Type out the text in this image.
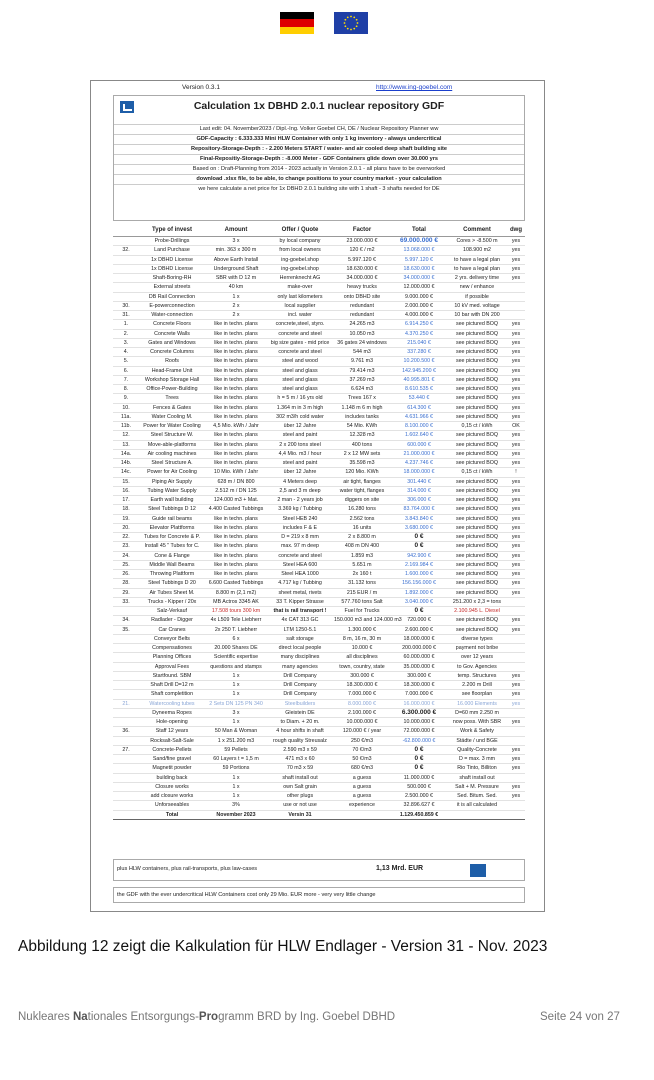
Version 0.3.1	http://www.ing-goebel.com
Calculation 1x DBHD 2.0.1 nuclear repository GDF
Last edit: 04. November2023 / Dipl.-Ing. Volker Goebel CH, DE / Nuclear Repository Planner ww
GDF-Capacity : 6.333.333 Mini HLW Container with only 1 kg inventory - always undercritical
Repository-Storage-Depth : - 2.200 Meters START / water- and air cooled deep shaft building site
Final-Repositiy-Storage-Depth : -8.000 Meter - GDF Containers glide down over 30.000 yrs
Based on : Draft-Planning from 2014 - 2023 actually in Version 2.0.1 - all plans have to be overworked
download .xlsx file, to be able, to change positions to your country market - your calculation
we here calculate a net price for 1x DBHD 2.0.1 building site with 1 shaft - 3 shafts needed for DE
	Type of invest	Amount	Offer / Quote	Factor	Total	Comment	dwg
	Probe-Drillings	3 x	by local company	23.000.000 €	69.000.000 €	Cores > -8.500 m	yes
32.	Land Purchase	min. 363 x 300 m	from local owners	120 € / m2	13.068.000 €	108.900 m2	yes
	1x DBHD License	Above Earth Install	ing-goebel.shop	5.997.120 €	5.997.120 €	to have a legal plan	yes
	1x DBHD License	Underground Shaft	ing-goebel.shop	18.630.000 €	18.630.000 €	to have a legal plan	yes
	Shaft-Boring-RH	SBR with D 12 m	Herrenknecht AG	34.000.000 €	34.000.000 €	2 yrs. delivery time	yes
	External streets	40 km	make-over	heavy trucks	12.000.000 €	new / enhance	
	DB Rail Connection	1 x	only last kilometers	onto DBHD site	9.000.000 €	if possible	
30.	E-powerconnection	2 x	local supplier	redundant	2.000.000 €	10 kV med. voltage	
31.	Water-connection	2 x	incl. water	redundant	4.000.000 €	10 bar with DN 200	
1.	Concrete Floors	like in techn. plans	concrete,steel, styro.	24.265 m3	6.914.250 €	see pictured BOQ	yes
2.	Concrete Walls	like in techn. plans	concrete and steel	10.050 m3	4.370.250 €	see pictured BOQ	yes
3.	Gates and Windows	like in techn. plans	big size gates - mid price	36 gates 24 windows	215.040 €	see pictured BOQ	yes
4.	Concrete Columns	like in techn. plans	concrete and steel	544 m3	337.280 €	see pictured BOQ	yes
5.	Roofs	like in techn. plans	steel and wood	9.761 m3	10.200.500 €	see pictured BOQ	yes
6.	Head-Frame Unit	like in techn. plans	steel and glass	79.414 m3	142.945.200 €	see pictured BOQ	yes
7.	Workshop Storage Hall	like in techn. plans	steel and glass	37.269 m3	40.995.801 €	see pictured BOQ	yes
8.	Office-Power-Building	like in techn. plans	steel and glass	6.624 m3	8.610.535 €	see pictured BOQ	yes
9.	Trees	like in techn. plans	h = 5 m / 16 yrs old	Trees 167 x	53.440 €	see pictured BOQ	yes
10.	Fences & Gates	like in techn. plans	1.364 m in 3 m high	1.148 m 6 m high	614.300 €	see pictured BOQ	yes
11a.	Water Cooling M.	like in techn. plans	302 m3/h cold water	includes tanks	4.631.966 €	see pictured BOQ	yes
11b.	Power for Water Cooling	4,5 Mio. kWh / Jahr	über 12 Jahre	54 Mio. KWh	8.100.000 €	0,15 ct / kWh	OK
12.	Steel Structure W.	like in techn. plans	steel and paint	12.328 m3	1.602.640 €	see pictured BOQ	yes
13.	Move-able-platforms	like in techn. plans	2 x 200 tons steel	400 tons	600.000 €	see pictured BOQ	yes
14a.	Air cooling machines	like in techn. plans	4,4 Mio. m3 / hour	2 x 12 MW sets	21.000.000 €	see pictured BOQ	yes
14b.	Steel Structure A.	like in techn. plans	steel and paint	35.598 m3	4.237.746 €	see pictured BOQ	yes
14c.	Power for Air Cooling	10 Mio. kWh / Jahr	über 12 Jahre	120 Mio. KWh	18.000.000 €	0,15 ct / kWh	!
15.	Piping Air Supply	628 m / DN 800	4 Meters deep	air tight, flanges	301.440 €	see pictured BOQ	yes
16.	Tubing Water Supply	2.512 m / DN 125	2,5 and 3 m deep	water tight, flanges	314.000 €	see pictured BOQ	yes
17.	Earth wall building	124.000 m3 + Mat.	2 man - 2 years job	diggers on site	306.000 €	see pictured BOQ	yes
18.	Steel Tubbings D 12	4.400 Casted Tubbings	3.369 kg / Tubbing	16.280 tons	83.764.000 €	see pictured BOQ	yes
19.	Guide rail beams	like in techn. plans	Steel HEB 240	2.562 tons	3.843.840 €	see pictured BOQ	yes
20.	Elevator Plattforms	like in techn. plans	includes F & E	16 units	3.680.000 €	see pictured BOQ	yes
22.	Tubes for Concrete & P.	like in techn. plans	D = 219 x 8 mm	2 x 8.800 m	0 €	see pictured BOQ	yes
23.	Install 45 " Tubes for C.	like in techn. plans	max. 97 m deep	408 m DN 400	0 €	see pictured BOQ	yes
24.	Cone & Flange	like in techn. plans	concrete and steel	1.859 m3	942.900 €	see pictured BOQ	yes
25.	Middle Wall Beams	like in techn. plans	Steel HEA 600	5.651 m	2.169.984 €	see pictured BOQ	yes
26.	Throwing Plattform	like in techn. plans	Steel HEA 1000	2x 160 t	1.600.000 €	see pictured BOQ	yes
28.	Steel Tubbings D 20	6.600 Casted Tubbings	4.717 kg / Tubbing	31.132 tons	156.156.000 €	see pictured BOQ	yes
29.	Air Tubes Sheet M.	8.800 m (2,1 m2)	sheet metal, rivets	215 EUR / m	1.892.000 €	see pictured BOQ	yes
33.	Trucks - Kipper / 20x	MB Actros 3345 AK	33 T. Kipper Strasse	577.760 tons Salt	3.040.000 €	251.200 x 2,3 = tons	
	Salz-Verkauf	17.508 tours 300 km	that is rail transport !	Fuel for Trucks	0 €	2.100.945 L. Diesel	
34.	Radlader - Digger	4x L509 Tele Liebherr	4x CAT 313 GC	150.000 m3 and 124.000 m3	720.000 €	see pictured BOQ	yes
35.	Car Cranes	2x 250 T. Liebherr	LTM 1250-5.1	1.300.000 €	2.600.000 €	see pictured BOQ	yes
	Conveyor Belts	6 x	salt storage	8 m, 16 m, 30 m	18.000.000 €	diverse types	
	Compensationes	20.000 Shares DE	direct local people	10.000 €	200.000.000 €	payment not bribe	
	Planning Offices	Scientific expertise	many disciplines	all disciplines	60.000.000 €	over 12 years	
	Approval Fees	questions and stamps	many agencies	town, country, state	35.000.000 €	to Gov. Agencies	
	Startfound. SBM	1 x	Drill Company	300.000 €	300.000 €	temp. Structures	yes
	Shaft Drill D=12 m	1 x	Drill Company	18.300.000 €	18.300.000 €	2.200 m Drill	yes
	Shaft completition	1 x	Drill Company	7.000.000 €	7.000.000 €	see floorplan	yes
21.	Watercooling tubes	2 Sets DN 125 PN 340	Steelbuilders	8.000.000 €	16.000.000 €	16.000 Elements	yes
	Dyneema Ropes	3 x	Gleistein DE	2.100.000 €	6.300.000 €	D=60 mm 2.250 m	
	Hole-opening	1 x	to Diam. + 20 m.	10.000.000 €	10.000.000 €	now poss. With SBR	yes
36.	Staff 12 years	50 Man & Woman	4 hour shifts in shaft	120.000 € / year	72.000.000 €	Work & Safety	
	Rocksalt-Salt-Sale	1 x 251.200 m3	rough quality Streusalz	250 €/m3	-62.800.000 €	Städte / und BGE	
27.	Concrete-Pellets	59 Pellets	2.590 m3 x 59	70 €/m3	0 €	Quality-Concrete	yes
	Sand/fine gravel	60 Layers t = 1,5 m	471 m3 x 60	50 €/m3	0 €	D = max. 3 mm	yes
	Magnetit powder	59 Portions	70 m3 x 59	680 €/m3	0 €	Rio Tinto, Billiton	yes
	building back	1 x	shaft install out	a guess	11.000.000 €	shaft install out	
	Closure works	1 x	own Salt grain	a guess	500.000 €	Salt + M. Pressure	yes
	add closure works	1 x	other plugs	a guess	2.500.000 €	Sed. Bitum. Sed.	yes
	Unforseeables	3%	use or not use	experience	32.896.627 €	it is all calculated	
	Total	November 2023	Versin 31		1.129.450.859 €		
plus HLW containers, plus rail-transports, plus law-cases	1,13 Mrd. EUR
the GDF with the ever undercritical HLW Containers cost only 29 Mio. EUR more - very very little change
Abbildung 12 zeigt die Kalkulation für HLW Endlager - Version 31 - Nov. 2023
Nukleares Nationales Entsorgungs-Programm BRD by Ing. Goebel DBHD	Seite 24 von 27
